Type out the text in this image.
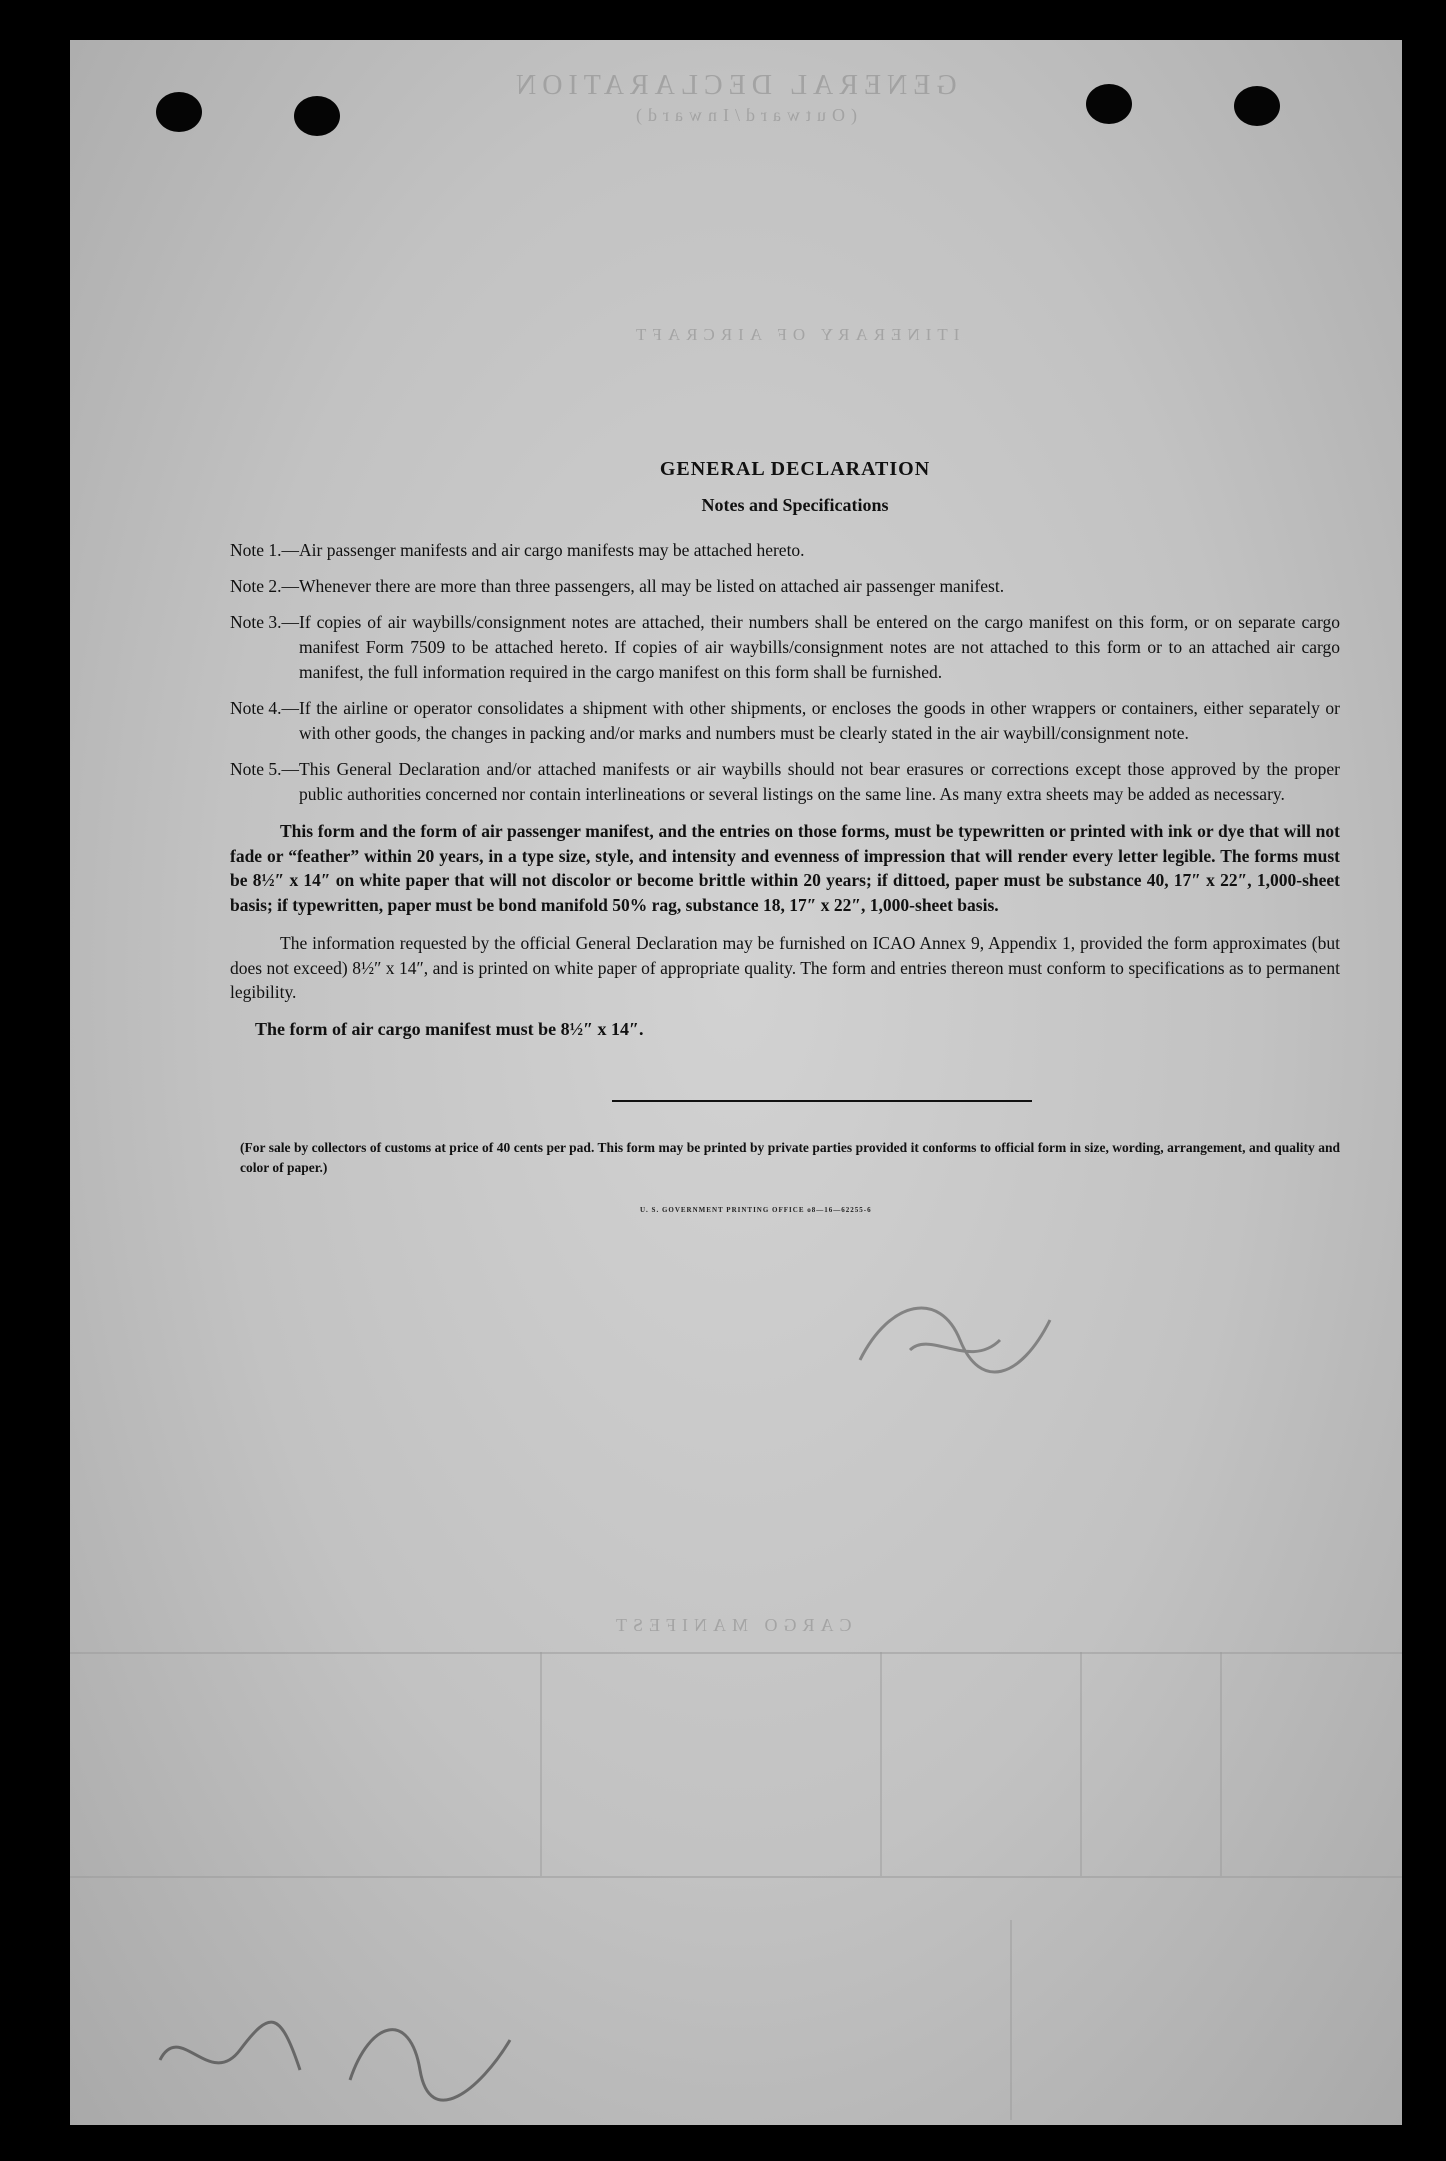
GENERAL DECLARATION
(Outward/Inward)
ITINERARY OF AIRCRAFT
CARGO MANIFEST
GENERAL DECLARATION
Notes and Specifications
Note 1.— Air passenger manifests and air cargo manifests may be attached hereto.
Note 2.— Whenever there are more than three passengers, all may be listed on attached air passenger manifest.
Note 3.— If copies of air waybills/consignment notes are attached, their numbers shall be entered on the cargo manifest on this form, or on separate cargo manifest Form 7509 to be attached hereto. If copies of air waybills/consignment notes are not attached to this form or to an attached air cargo manifest, the full information required in the cargo manifest on this form shall be furnished.
Note 4.— If the airline or operator consolidates a shipment with other shipments, or encloses the goods in other wrappers or containers, either separately or with other goods, the changes in packing and/or marks and numbers must be clearly stated in the air waybill/consignment note.
Note 5.— This General Declaration and/or attached manifests or air waybills should not bear erasures or corrections except those approved by the proper public authorities concerned nor contain interlineations or several listings on the same line. As many extra sheets may be added as necessary.
This form and the form of air passenger manifest, and the entries on those forms, must be typewritten or printed with ink or dye that will not fade or “feather” within 20 years, in a type size, style, and intensity and evenness of impression that will render every letter legible. The forms must be 8½″ x 14″ on white paper that will not discolor or become brittle within 20 years; if dittoed, paper must be substance 40, 17″ x 22″, 1,000-sheet basis; if typewritten, paper must be bond manifold 50% rag, substance 18, 17″ x 22″, 1,000-sheet basis.
The information requested by the official General Declaration may be furnished on ICAO Annex 9, Appendix 1, provided the form approximates (but does not exceed) 8½″ x 14″, and is printed on white paper of appropriate quality. The form and entries thereon must conform to specifications as to permanent legibility.
The form of air cargo manifest must be 8½″ x 14″.
(For sale by collectors of customs at price of 40 cents per pad. This form may be printed by private parties provided it conforms to official form in size, wording, arrangement, and quality and color of paper.)
U. S. GOVERNMENT PRINTING OFFICE o8—16—62255-6
